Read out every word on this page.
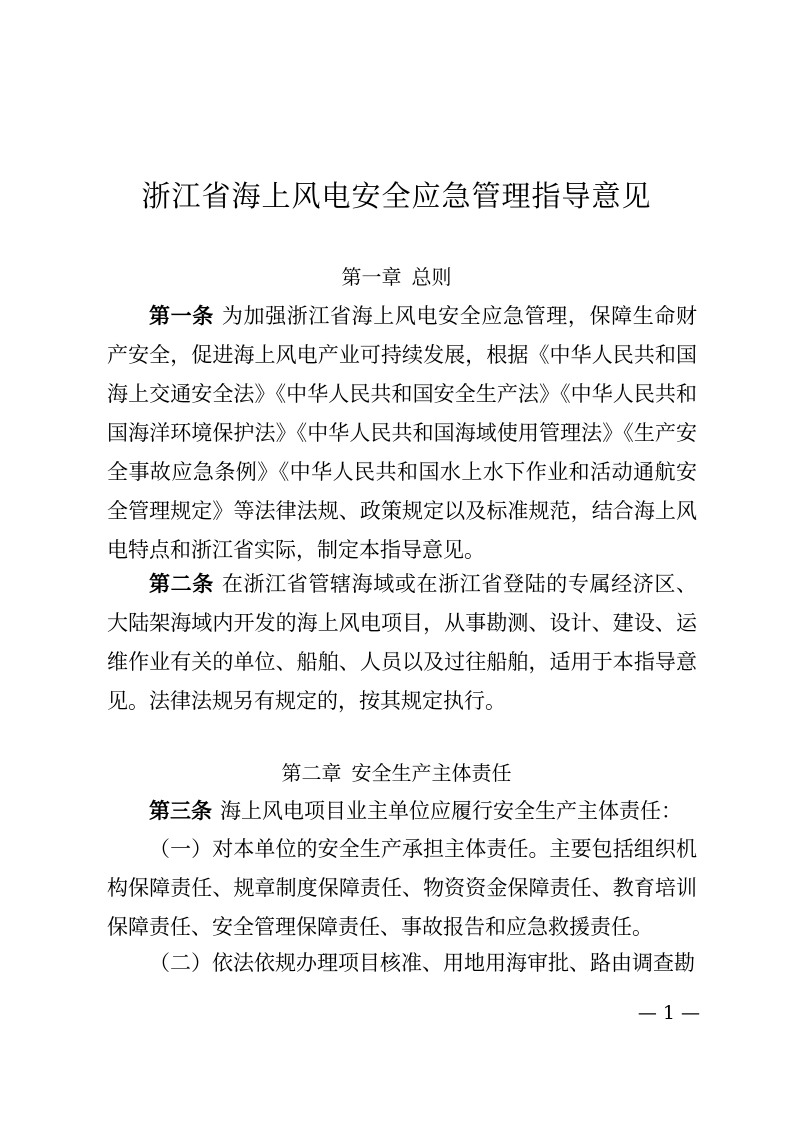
浙江省海上风电安全应急管理指导意见
第一章 总则

第一条 为加强浙江省海上风电安全应急管理，保障生命财产安全，促进海上风电产业可持续发展，根据《中华人民共和国海上交通安全法》《中华人民共和国安全生产法》《中华人民共和国海洋环境保护法》《中华人民共和国海域使用管理法》《生产安全事故应急条例》《中华人民共和国水上水下作业和活动通航安全管理规定》等法律法规、政策规定以及标准规范，结合海上风电特点和浙江省实际，制定本指导意见。

第二条 在浙江省管辖海域或在浙江省登陆的专属经济区、大陆架海域内开发的海上风电项目，从事勘测、设计、建设、运维作业有关的单位、船舶、人员以及过往船舶，适用于本指导意见。法律法规另有规定的，按其规定执行。

第二章 安全生产主体责任

第三条 海上风电项目业主单位应履行安全生产主体责任：

（一）对本单位的安全生产承担主体责任。主要包括组织机构保障责任、规章制度保障责任、物资资金保障责任、教育培训保障责任、安全管理保障责任、事故报告和应急救援责任。

（二）依法依规办理项目核准、用地用海审批、路由调查勘

— 1 —
